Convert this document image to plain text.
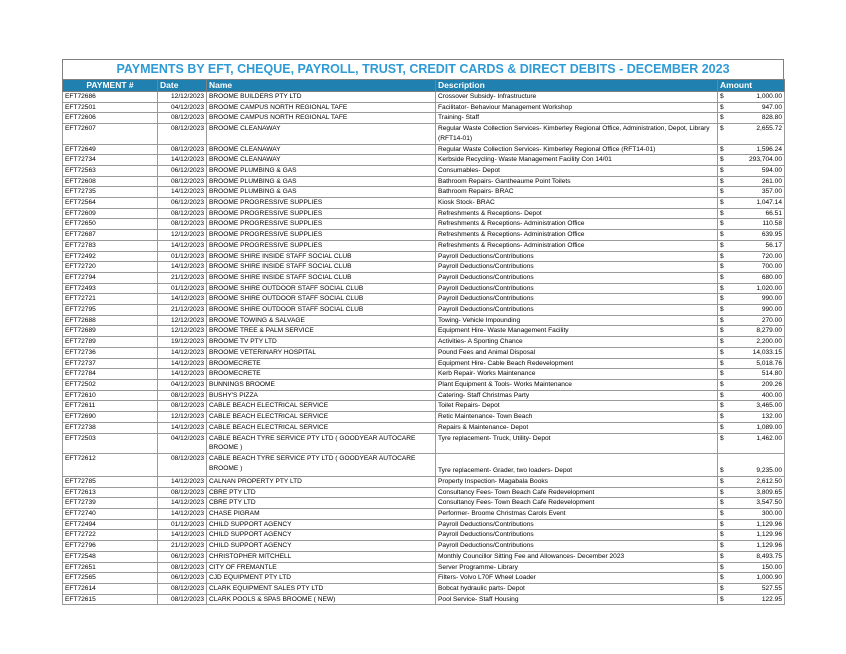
PAYMENTS BY EFT, CHEQUE, PAYROLL, TRUST, CREDIT CARDS & DIRECT DEBITS - DECEMBER 2023
PAYMENT #	Date	Name	Description	Amount	
EFT72686	12/12/2023	BROOME BUILDERS PTY LTD	Crossover Subsidy- Infrastructure	$	1,000.00
EFT72501	04/12/2023	BROOME CAMPUS NORTH REGIONAL TAFE	Facilitator- Behaviour Management Workshop	$	947.00
EFT72606	08/12/2023	BROOME CAMPUS NORTH REGIONAL TAFE	Training- Staff	$	828.80
EFT72607	08/12/2023	BROOME CLEANAWAY	Regular Waste Collection Services- Kimberley Regional Office, Administration, Depot, Library (RFT14-01)	$	2,655.72
EFT72649	08/12/2023	BROOME CLEANAWAY	Regular Waste Collection Services- Kimberley Regional Office (RFT14-01)	$	1,596.24
EFT72734	14/12/2023	BROOME CLEANAWAY	Kerbside Recycling- Waste Management Facility Con 14/01	$	293,704.00
EFT72563	06/12/2023	BROOME PLUMBING & GAS	Consumables- Depot	$	594.00
EFT72608	08/12/2023	BROOME PLUMBING & GAS	Bathroom Repairs- Gantheaume Point Toilets	$	261.00
EFT72735	14/12/2023	BROOME PLUMBING & GAS	Bathroom Repairs- BRAC	$	357.00
EFT72564	06/12/2023	BROOME PROGRESSIVE SUPPLIES	Kiosk Stock- BRAC	$	1,047.14
EFT72609	08/12/2023	BROOME PROGRESSIVE SUPPLIES	Refreshments & Receptions- Depot	$	66.51
EFT72650	08/12/2023	BROOME PROGRESSIVE SUPPLIES	Refreshments & Receptions- Administration Office	$	110.58
EFT72687	12/12/2023	BROOME PROGRESSIVE SUPPLIES	Refreshments & Receptions- Administration Office	$	639.95
EFT72783	14/12/2023	BROOME PROGRESSIVE SUPPLIES	Refreshments & Receptions- Administration Office	$	56.17
EFT72492	01/12/2023	BROOME SHIRE INSIDE STAFF SOCIAL CLUB	Payroll Deductions/Contributions	$	720.00
EFT72720	14/12/2023	BROOME SHIRE INSIDE STAFF SOCIAL CLUB	Payroll Deductions/Contributions	$	700.00
EFT72794	21/12/2023	BROOME SHIRE INSIDE STAFF SOCIAL CLUB	Payroll Deductions/Contributions	$	680.00
EFT72493	01/12/2023	BROOME SHIRE OUTDOOR STAFF SOCIAL CLUB	Payroll Deductions/Contributions	$	1,020.00
EFT72721	14/12/2023	BROOME SHIRE OUTDOOR STAFF SOCIAL CLUB	Payroll Deductions/Contributions	$	990.00
EFT72795	21/12/2023	BROOME SHIRE OUTDOOR STAFF SOCIAL CLUB	Payroll Deductions/Contributions	$	990.00
EFT72688	12/12/2023	BROOME TOWING & SALVAGE	Towing- Vehicle Impounding	$	270.00
EFT72689	12/12/2023	BROOME TREE & PALM SERVICE	Equipment Hire- Waste Management Facility	$	8,279.00
EFT72789	19/12/2023	BROOME TV PTY LTD	Activities- A Sporting Chance	$	2,200.00
EFT72736	14/12/2023	BROOME VETERINARY HOSPITAL	Pound Fees and Animal Disposal	$	14,033.15
EFT72737	14/12/2023	BROOMECRETE	Equipment Hire- Cable Beach Redevelopment	$	5,018.76
EFT72784	14/12/2023	BROOMECRETE	Kerb Repair- Works Maintenance	$	514.80
EFT72502	04/12/2023	BUNNINGS BROOME	Plant Equipment & Tools- Works Maintenance	$	209.26
EFT72610	08/12/2023	BUSHY'S PIZZA	Catering- Staff Christmas Party	$	400.00
EFT72611	08/12/2023	CABLE BEACH ELECTRICAL SERVICE	Toilet Repairs- Depot	$	3,465.00
EFT72690	12/12/2023	CABLE BEACH ELECTRICAL SERVICE	Retic Maintenance- Town Beach	$	132.00
EFT72738	14/12/2023	CABLE BEACH ELECTRICAL SERVICE	Repairs & Maintenance- Depot	$	1,089.00
EFT72503	04/12/2023	CABLE BEACH TYRE SERVICE PTY LTD ( GOODYEAR AUTOCARE BROOME )	Tyre replacement- Truck, Utility- Depot	$	1,462.00
EFT72612	08/12/2023	CABLE BEACH TYRE SERVICE PTY LTD ( GOODYEAR AUTOCARE BROOME )	Tyre replacement- Grader, two loaders- Depot	$	9,235.00
EFT72785	14/12/2023	CALNAN PROPERTY PTY LTD	Property Inspection- Magabala Books	$	2,612.50
EFT72613	08/12/2023	CBRE PTY LTD	Consultancy Fees- Town Beach Cafe Redevelopment	$	3,809.65
EFT72739	14/12/2023	CBRE PTY LTD	Consultancy Fees- Town Beach Cafe Redevelopment	$	3,547.50
EFT72740	14/12/2023	CHASE PIGRAM	Performer- Broome Christmas Carols Event	$	300.00
EFT72494	01/12/2023	CHILD SUPPORT AGENCY	Payroll Deductions/Contributions	$	1,129.96
EFT72722	14/12/2023	CHILD SUPPORT AGENCY	Payroll Deductions/Contributions	$	1,129.96
EFT72796	21/12/2023	CHILD SUPPORT AGENCY	Payroll Deductions/Contributions	$	1,129.96
EFT72548	06/12/2023	CHRISTOPHER MITCHELL	Monthly Councillor Sitting Fee and Allowances- December 2023	$	8,493.75
EFT72651	08/12/2023	CITY OF FREMANTLE	Server Programme- Library	$	150.00
EFT72565	06/12/2023	CJD EQUIPMENT PTY LTD	Filters- Volvo L70F Wheel Loader	$	1,000.90
EFT72614	08/12/2023	CLARK EQUIPMENT SALES PTY LTD	Bobcat hydraulic parts- Depot	$	527.55
EFT72615	08/12/2023	CLARK POOLS & SPAS BROOME ( NEW)	Pool Service- Staff Housing	$	122.95
